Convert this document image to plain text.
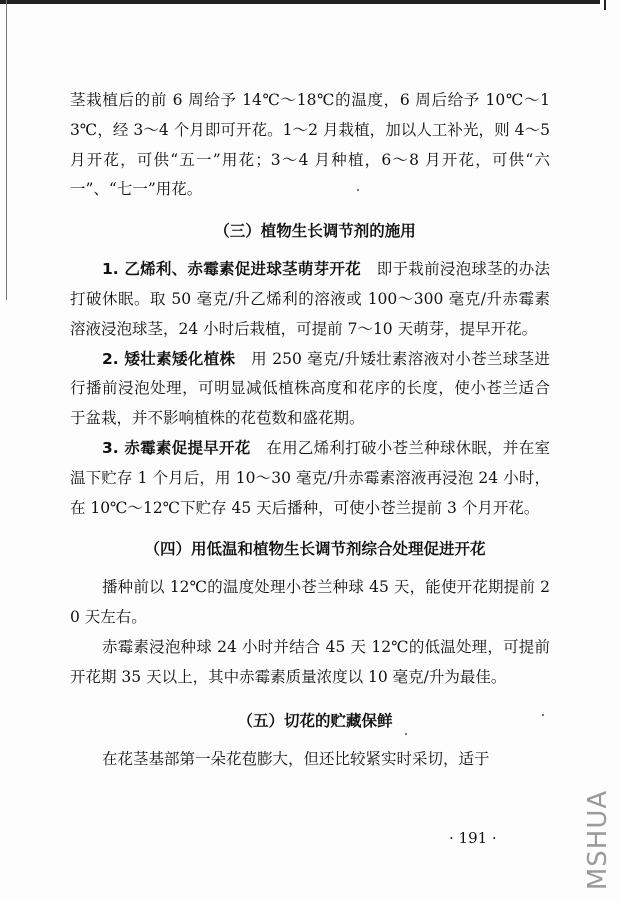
茎栽植后的前 6 周给予 14℃～18℃的温度，6 周后给予 10℃～13℃，经 3～4 个月即可开花。1～2 月栽植，加以人工补光，则 4～5 月开花，可供“五一”用花；3～4 月种植，6～8 月开花，可供“六一”、“七一”用花。

（三）植物生长调节剂的施用

1. 乙烯利、赤霉素促进球茎萌芽开花　即于栽前浸泡球茎的办法打破休眠。取 50 毫克/升乙烯利的溶液或 100～300 毫克/升赤霉素溶液浸泡球茎，24 小时后栽植，可提前 7～10 天萌芽，提早开花。

2. 矮壮素矮化植株　用 250 毫克/升矮壮素溶液对小苍兰球茎进行播前浸泡处理，可明显减低植株高度和花序的长度，使小苍兰适合于盆栽，并不影响植株的花苞数和盛花期。

3. 赤霉素促提早开花　在用乙烯利打破小苍兰种球休眠，并在室温下贮存 1 个月后，用 10～30 毫克/升赤霉素溶液再浸泡 24 小时，在 10℃～12℃下贮存 45 天后播种，可使小苍兰提前 3 个月开花。

（四）用低温和植物生长调节剂综合处理促进开花

播种前以 12℃的温度处理小苍兰种球 45 天，能使开花期提前 20 天左右。

赤霉素浸泡种球 24 小时并结合 45 天 12℃的低温处理，可提前开花期 35 天以上，其中赤霉素质量浓度以 10 毫克/升为最佳。

（五）切花的贮藏保鲜

在花茎基部第一朵花苞膨大，但还比较紧实时采切，适于

· 191 ·	MSHUA
